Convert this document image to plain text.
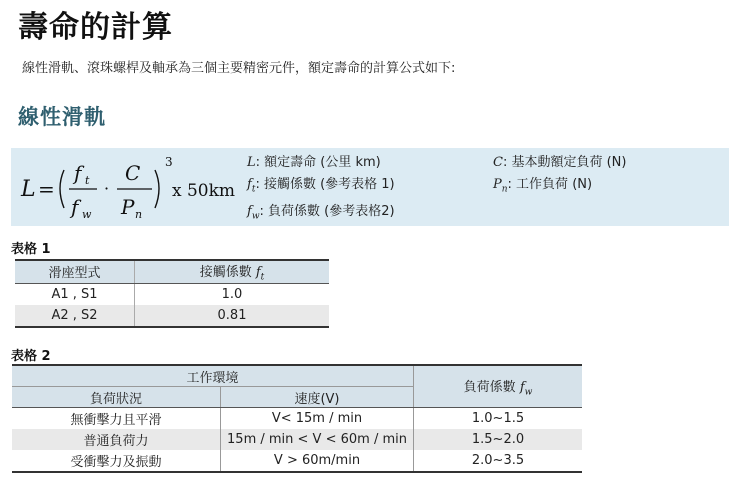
壽命的計算
線性滑軌、滾珠螺桿及軸承為三個主要精密元件，額定壽命的計算公式如下:
線性滑軌
L =
f t
f w
·
C
P n
3
x 50km
L: 額定壽命 (公里 km)
$f_t$: 接觸係數 (參考表格 1)
$f_w$: 負荷係數 (參考表格2)
C: 基本動額定負荷 (N)
$P_n$: 工作負荷 (N)
表格 1
滑座型式	接觸係數 $f_t$
A1 , S1	1.0
A2 , S2	0.81
表格 2
工作環境		負荷係數 $f_w$
負荷狀況	速度(V)	
無衝擊力且平滑	V< 15m / min	1.0~1.5
普通負荷力	15m / min < V < 60m / min	1.5~2.0
受衝擊力及振動	V > 60m/min	2.0~3.5
